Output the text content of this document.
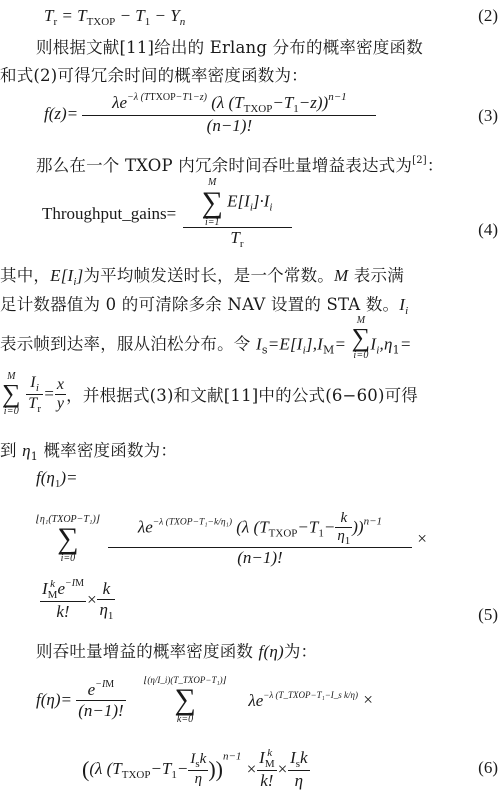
$T_r = T_{TXOP} - T_1 - Y_n$	(2)
则根据文献[11]给出的 Erlang 分布的概率密度函数
和式(2)可得冗余时间的概率密度函数为：
$f(z)= \frac{\lambda e^{-\lambda (TTXOP-T1-z)} (\lambda (T_{TXOP}-T_1-z))^{n-1}}{(n-1)!}$	(3)
那么在一个 TXOP 内冗余时间吞吐量增益表达式为[2]：
Throughput_gains= M
∑
i=1
$E[I_i]\cdot I_i$
$T_r$	(4)
其中，$E[I_i]$为平均帧发送时长，是一个常数。M 表示满
足计数器值为 0 的可清除多余 NAV 设置的 STA 数。$I_i$
表示帧到达率，服从泊松分布。令 $I_s=E[I_i],I_M=$
M
∑
i=0
$I_i,\eta_1=$
M
∑
i=0
$\frac{I_i}{T_r} = \frac{x}{y}$ ，并根据式(3)和文献[11]中的公式(6−60)可得
到 $\eta_1$ 概率密度函数为：
$f(\eta_1)=$
⌊η₁(TXOP−T₁)⌋
∑
i=0
	$\frac{\lambda e^{-\lambda (TXOP-T_1-k/\eta_1)} (\lambda (T_{TXOP}-T_1- \frac{k}{\eta_1} ))^{n-1}}{(n-1)!}$ ×
I k
M $e^{-IM}$
k! × $\frac{k}{\eta_1}$	(5)
则吞吐量增益的概率密度函数 f(η)为：
$f(\eta)= \frac{e^{-IM}}{(n-1)!}$
⌊(η/I_i)(T_TXOP−T₁)⌋
∑
k=0
$\lambda e^{-\lambda (T\_TXOP-T_1-I\_s k/\eta)}$ ×
((λ $(T_{TXOP}-T_1- \frac{I_sk}{\eta} ))^{n-1} \times I$ k
M
k! × $\frac{I_sk}{\eta}$	(6)
